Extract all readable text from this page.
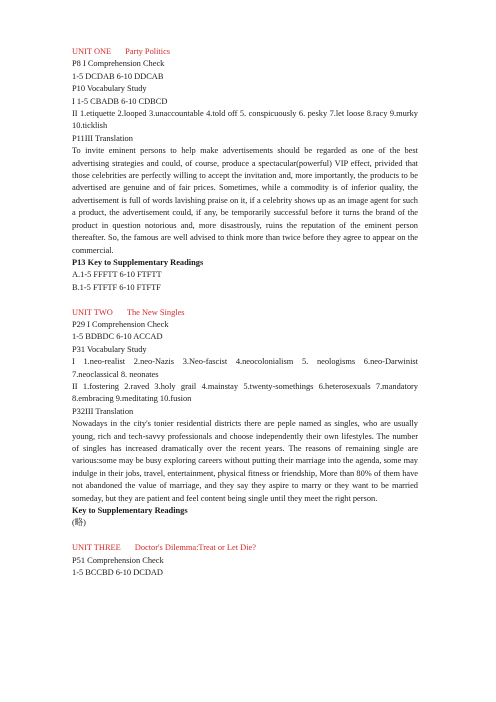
UNIT ONE Party Politics
P8 I Comprehension Check
1-5 DCDAB 6-10 DDCAB
P10 Vocabulary Study
I 1-5 CBADB 6-10 CDBCD
II 1.etiquette 2.looped 3.unaccountable 4.told off 5. conspicuously 6. pesky 7.let loose 8.racy 9.murky 10.ticklish
P11III Translation
To invite eminent persons to help make advertisements should be regarded as one of the best advertising strategies and could, of course, produce a spectacular(powerful) VIP effect, privided that those celebrities are perfectly willing to accept the invitation and, more importantly, the products to be advertised are genuine and of fair prices. Sometimes, while a commodity is of inferior quality, the advertisement is full of words lavishing praise on it, if a celebrity shows up as an image agent for such a product, the advertisement could, if any, be temporarily successful before it turns the brand of the product in question notorious and, more disastrously, ruins the reputation of the eminent person thereafter. So, the famous are well advised to think more than twice before they agree to appear on the commercial.
P13 Key to Supplementary Readings
A.1-5 FFFTT 6-10 FTFTT
B.1-5 FTFTF 6-10 FTFTF
UNIT TWO The New Singles
P29 I Comprehension Check
1-5 BDBDC 6-10 ACCAD
P31 Vocabulary Study
I 1.neo-realist 2.neo-Nazis 3.Neo-fascist 4.neocolonialism 5. neologisms 6.neo-Darwinist 7.neoclassical 8. neonates
II 1.fostering 2.raved 3.holy grail 4.mainstay 5.twenty-somethings 6.heterosexuals 7.mandatory 8.embracing 9.meditating 10.fusion
P32III Translation
Nowadays in the city's tonier residential districts there are peple named as singles, who are usually young, rich and tech-savvy professionals and choose independently their own lifestyles. The number of singles has increased dramatically over the recent years. The reasons of remaining single are various:some may be busy exploring careers without putting their marriage into the agenda, some may indulge in their jobs, travel, entertainment, physical fitness or friendship, More than 80% of them have not abandoned the value of marriage, and they say they aspire to marry or they want to be married someday, but they are patient and feel content being single until they meet the right person.
Key to Supplementary Readings
(略)
UNIT THREE Doctor's Dilemma:Treat or Let Die?
P51 Comprehension Check
1-5 BCCBD 6-10 DCDAD
